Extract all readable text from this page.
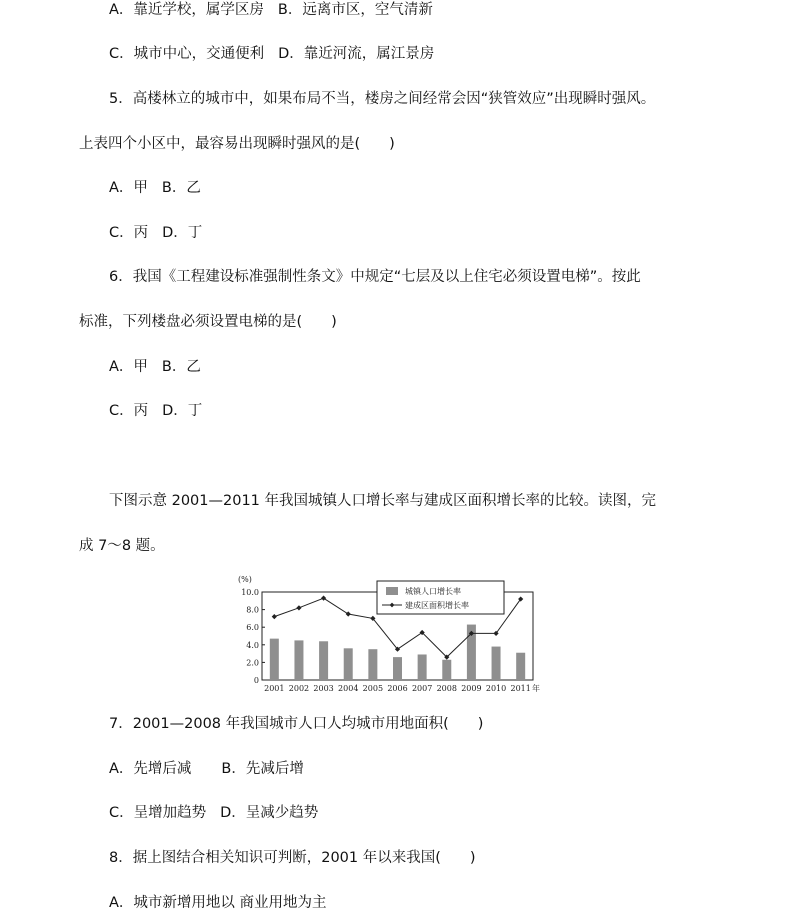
A．靠近学校，属学区房 B．远离市区，空气清新
C．城市中心，交通便利 D．靠近河流，属江景房
5．高楼林立的城市中，如果布局不当，楼房之间经常会因“狭管效应”出现瞬时强风。
上表四个小区中，最容易出现瞬时强风的是(　　)
A．甲 B．乙
C．丙 D．丁
6．我国《工程建设标准强制性条文》中规定“七层及以上住宅必须设置电梯”。按此
标准，下列楼盘必须设置电梯的是(　　)
A．甲 B．乙
C．丙 D．丁
下图示意 2001—2011 年我国城镇人口增长率与建成区面积增长率的比较。读图，完
成 7～8 题。
(%)
0
2.0
4.0
6.0
8.0
10.0
2001 2002 2003 2004 2005 2006 2007 2008 2009 2010 2011 年
城镇人口增长率
建成区面积增长率
7．2001—2008 年我国城市人口人均城市用地面积(　　)
A．先增后减 B．先减后增
C．呈增加趋势 D．呈减少趋势
8．据上图结合相关知识可判断，2001 年以来我国(　　)
A．城市新增用地以 商业用地为主
